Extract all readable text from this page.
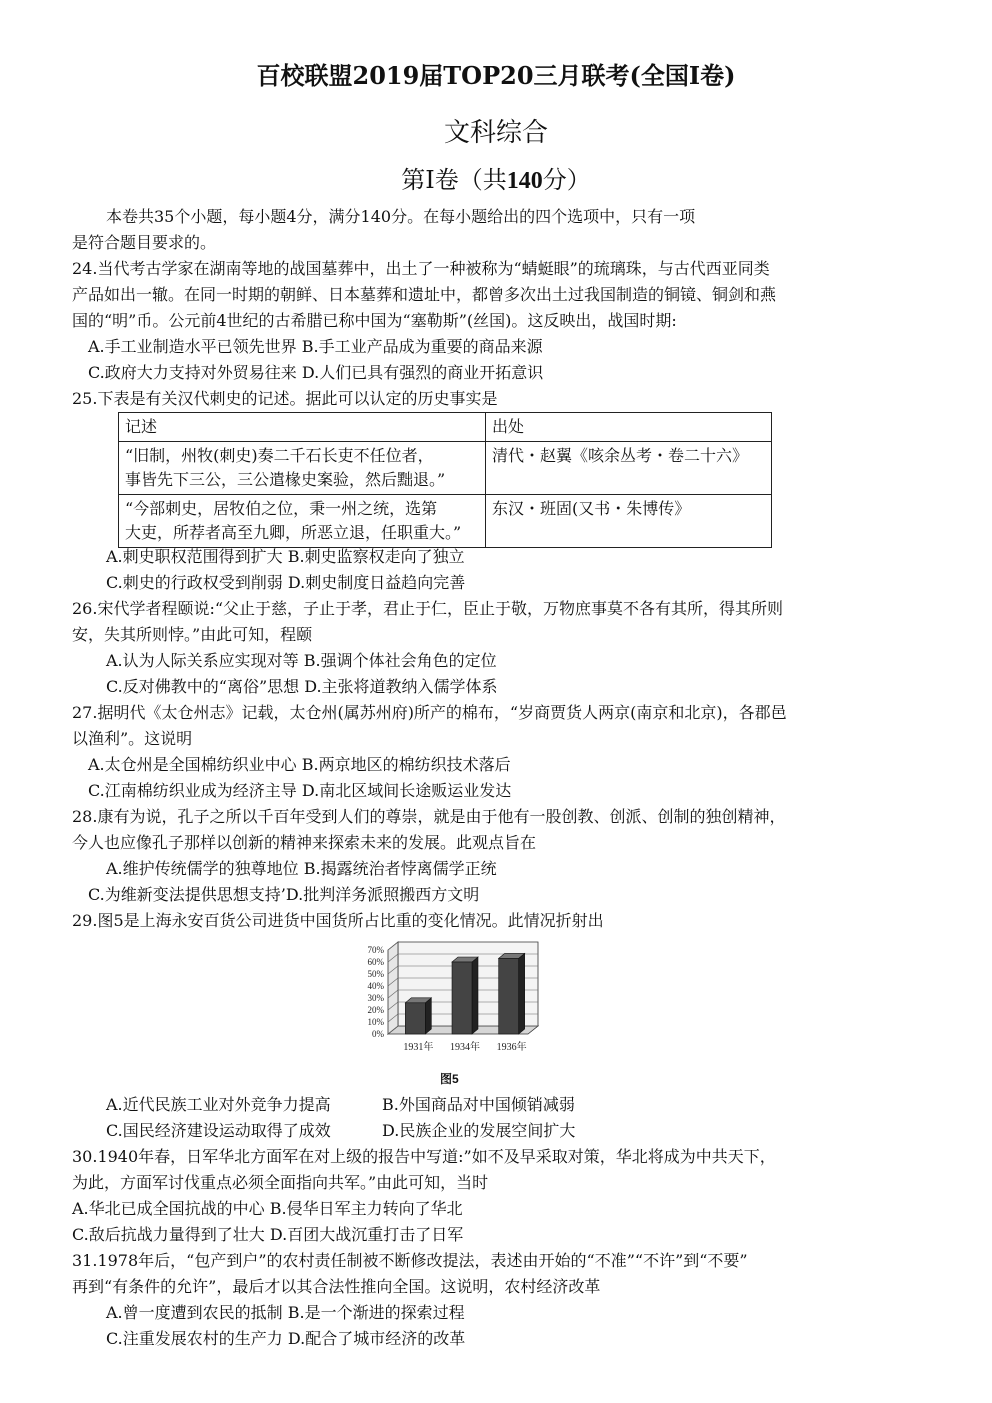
百校联盟2019届TOP20三月联考(全国I卷)
文科综合
第Ⅰ卷（共140分）
本卷共35个小题，每小题4分，满分140分。在每小题给出的四个选项中，只有一项
是符合题目要求的。
24.当代考古学家在湖南等地的战国墓葬中，出土了一种被称为“蜻蜓眼”的琉璃珠，与古代西亚同类
产品如出一辙。在同一时期的朝鲜、日本墓葬和遗址中，都曾多次出土过我国制造的铜镜、铜剑和燕
国的“明”币。公元前4世纪的古希腊已称中国为“塞勒斯”(丝国)。这反映出，战国时期:
A.手工业制造水平已领先世界 B.手工业产品成为重要的商品来源
C.政府大力支持对外贸易往来 D.人们已具有强烈的商业开拓意识
25.下表是有关汉代刺史的记述。据此可以认定的历史事实是
记述	出处

“旧制，州牧(刺史)奏二千石长吏不任位者，
事皆先下三公，三公遣椽史案验，然后黜退。”	清代・赵翼《咳余丛考・卷二十六》

“今部刺史，居牧伯之位，秉一州之统，选第
大吏，所荐者高至九卿，所恶立退，任职重大。”	东汉・班固(又书・朱博传》
A.刺史职权范围得到扩大 B.刺史监察权走向了独立
C.刺史的行政权受到削弱 D.刺史制度日益趋向完善
26.宋代学者程颐说:“父止于慈，子止于孝，君止于仁，臣止于敬，万物庶事莫不各有其所，得其所则
安，失其所则悖。”由此可知，程颐
A.认为人际关系应实现对等 B.强调个体社会角色的定位
C.反对佛教中的“离俗”思想 D.主张将道教纳入儒学体系
27.据明代《太仓州志》记载，太仓州(属苏州府)所产的棉布，“岁商贾货人两京(南京和北京)，各郡邑
以渔利”。这说明
A.太仓州是全国棉纺织业中心 B.两京地区的棉纺织技术落后
C.江南棉纺织业成为经济主导 D.南北区域间长途贩运业发达
28.康有为说，孔子之所以千百年受到人们的尊崇，就是由于他有一股创教、创派、创制的独创精神，
今人也应像孔子那样以创新的精神来探索未来的发展。此观点旨在
A.维护传统儒学的独尊地位 B.揭露统治者悖离儒学正统
C.为维新变法提供思想支持’D.批判洋务派照搬西方文明
29.图5是上海永安百货公司进货中国货所占比重的变化情况。此情况折射出
0%
10%
20%
30%
40%
50%
60%
70%
1931年 1934年 1936年
图5
A.近代民族工业对外竞争力提高	B.外国商品对中国倾销减弱
C.国民经济建设运动取得了成效	D.民族企业的发展空间扩大
30.1940年春，日军华北方面军在对上级的报告中写道:”如不及早采取对策，华北将成为中共天下，
为此，方面军讨伐重点必须全面指向共军。”由此可知，当时
A.华北已成全国抗战的中心 B.侵华日军主力转向了华北
C.敌后抗战力量得到了壮大 D.百团大战沉重打击了日军
31.1978年后，“包产到户”的农村责任制被不断修改提法，表述由开始的“不准”“不许”到“不要”
再到“有条件的允许”，最后才以其合法性推向全国。这说明，农村经济改革
A.曾一度遭到农民的抵制 B.是一个渐进的探索过程
C.注重发展农村的生产力 D.配合了城市经济的改革
